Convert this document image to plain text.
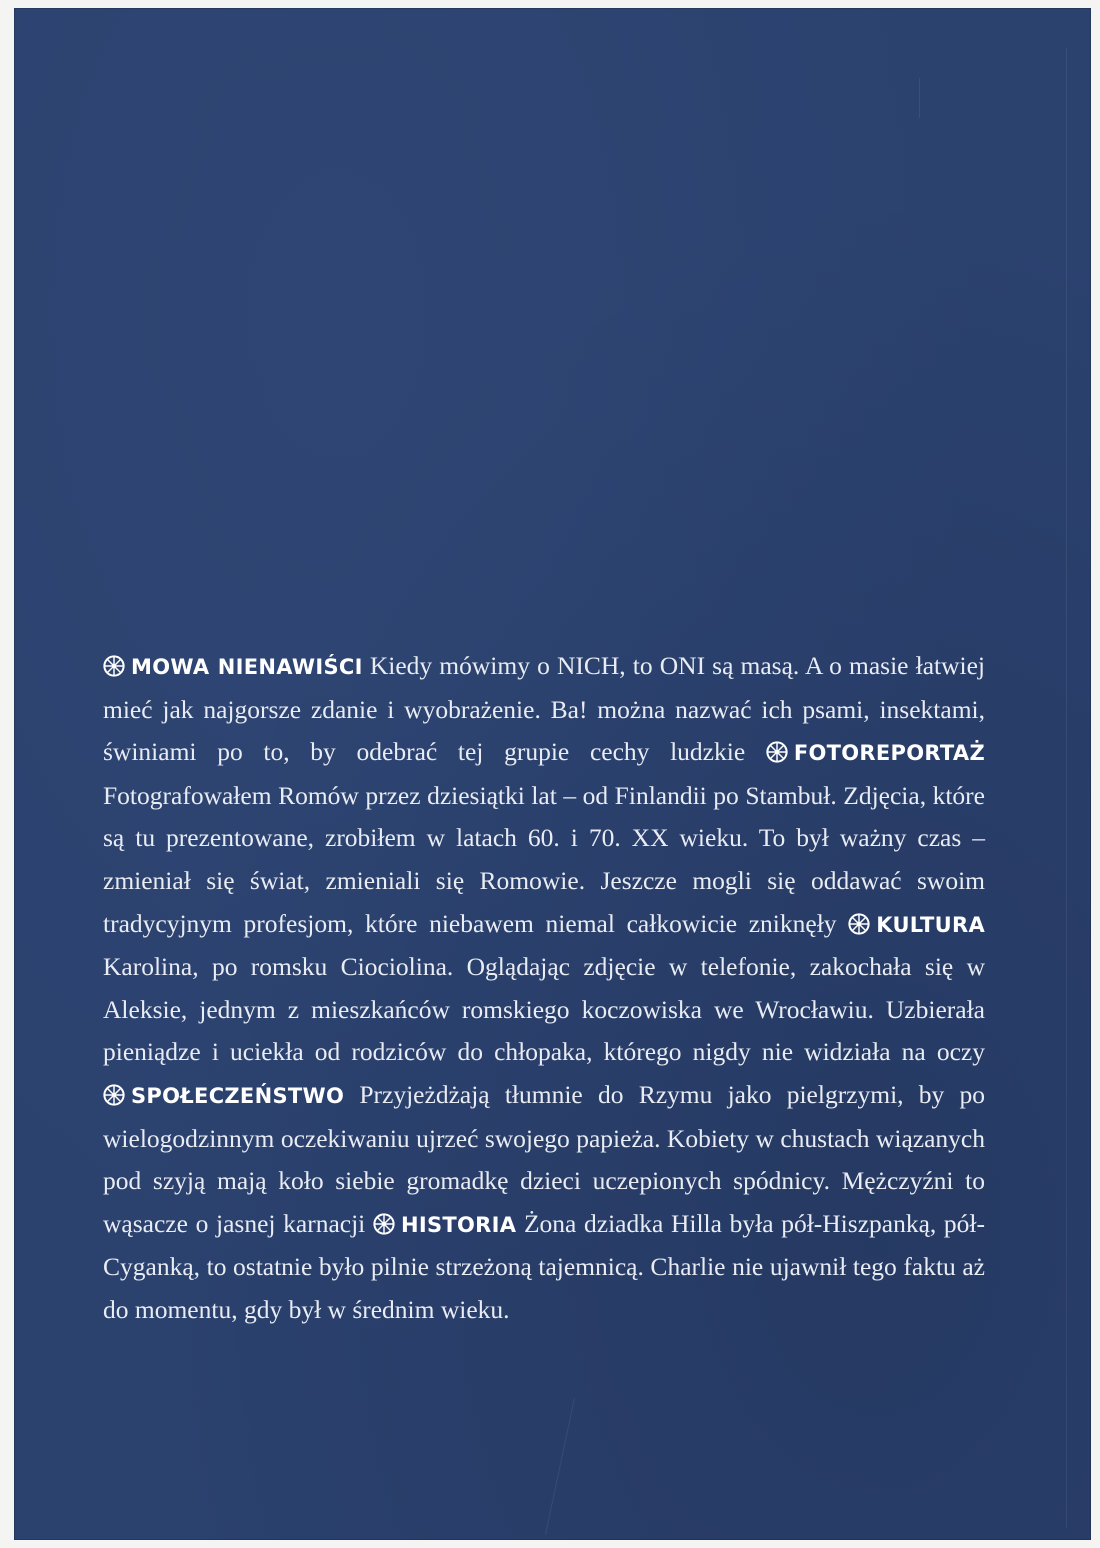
MOWA NIENAWIŚCI Kiedy mówimy o NICH, to ONI są masą. A o masie łatwiej mieć jak najgorsze zdanie i wyobrażenie. Ba! można nazwać ich psami, insektami, świniami po to, by odebrać tej grupie cechy ludzkie FOTOREPORTAŻ Fotografowałem Romów przez dziesiątki lat – od Finlandii po Stambuł. Zdjęcia, które są tu prezentowane, zrobiłem w latach 60. i 70. XX wieku. To był ważny czas – zmieniał się świat, zmieniali się Romowie. Jeszcze mogli się oddawać swoim tradycyjnym profesjom, które niebawem niemal całkowicie zniknęły KULTURA Karolina, po romsku Ciociolina. Oglądając zdjęcie w telefonie, zakochała się w Aleksie, jednym z mieszkańców romskiego koczowiska we Wrocławiu. Uzbierała pieniądze i uciekła od rodziców do chłopaka, którego nigdy nie widziała na oczy SPOŁECZEŃSTWO Przyjeżdżają tłumnie do Rzymu jako pielgrzymi, by po wielogodzinnym oczekiwaniu ujrzeć swojego papieża. Kobiety w chustach wiązanych pod szyją mają koło siebie gromadkę dzieci uczepionych spódnicy. Mężczyźni to wąsacze o jasnej karnacji HISTORIA Żona dziadka Hilla była pół-Hiszpanką, pół-Cyganką, to ostatnie było pilnie strzeżoną tajemnicą. Charlie nie ujawnił tego faktu aż do momentu, gdy był w średnim wieku.
